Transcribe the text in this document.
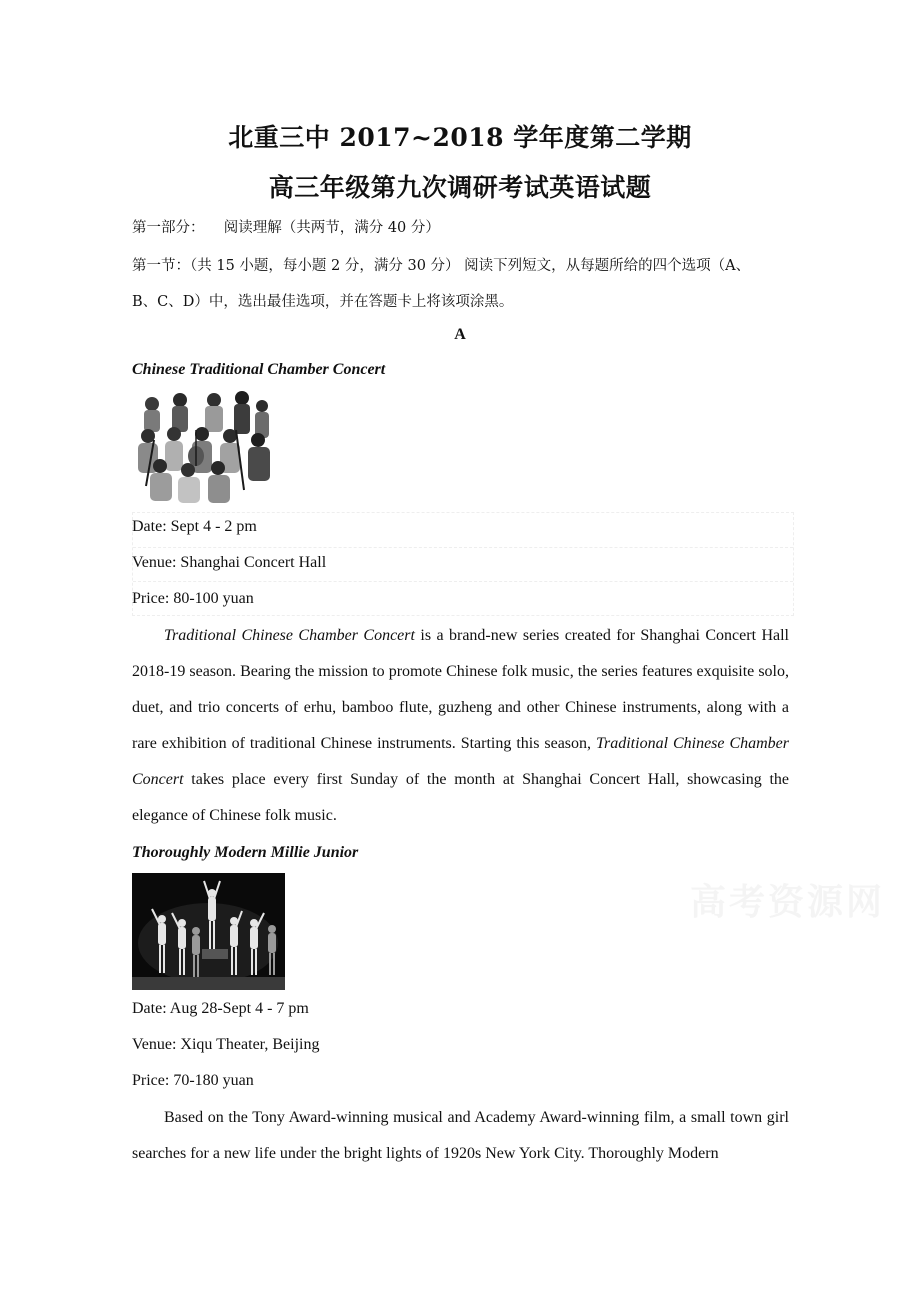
北重三中 2017~2018 学年度第二学期
高三年级第九次调研考试英语试题
第一部分： 阅读理解（共两节，满分 40 分）
第一节：（共 15 小题，每小题 2 分，满分 30 分） 阅读下列短文，从每题所给的四个选项（A、
B、C、D）中，选出最佳选项，并在答题卡上将该项涂黑。
A
Chinese Traditional Chamber Concert
Date: Sept 4 - 2 pm
Venue: Shanghai Concert Hall
Price: 80-100 yuan
Traditional Chinese Chamber Concert is a brand-new series created for Shanghai Concert Hall 2018-19 season. Bearing the mission to promote Chinese folk music, the series features exquisite solo, duet, and trio concerts of erhu, bamboo flute, guzheng and other Chinese instruments, along with a rare exhibition of traditional Chinese instruments. Starting this season, Traditional Chinese Chamber Concert takes place every first Sunday of the month at Shanghai Concert Hall, showcasing the elegance of Chinese folk music.
Thoroughly Modern Millie Junior
Date: Aug 28-Sept 4 - 7 pm
Venue: Xiqu Theater, Beijing
Price: 70-180 yuan
Based on the Tony Award-winning musical and Academy Award-winning film, a small town girl searches for a new life under the bright lights of 1920s New York City. Thoroughly Modern
高考资源网
